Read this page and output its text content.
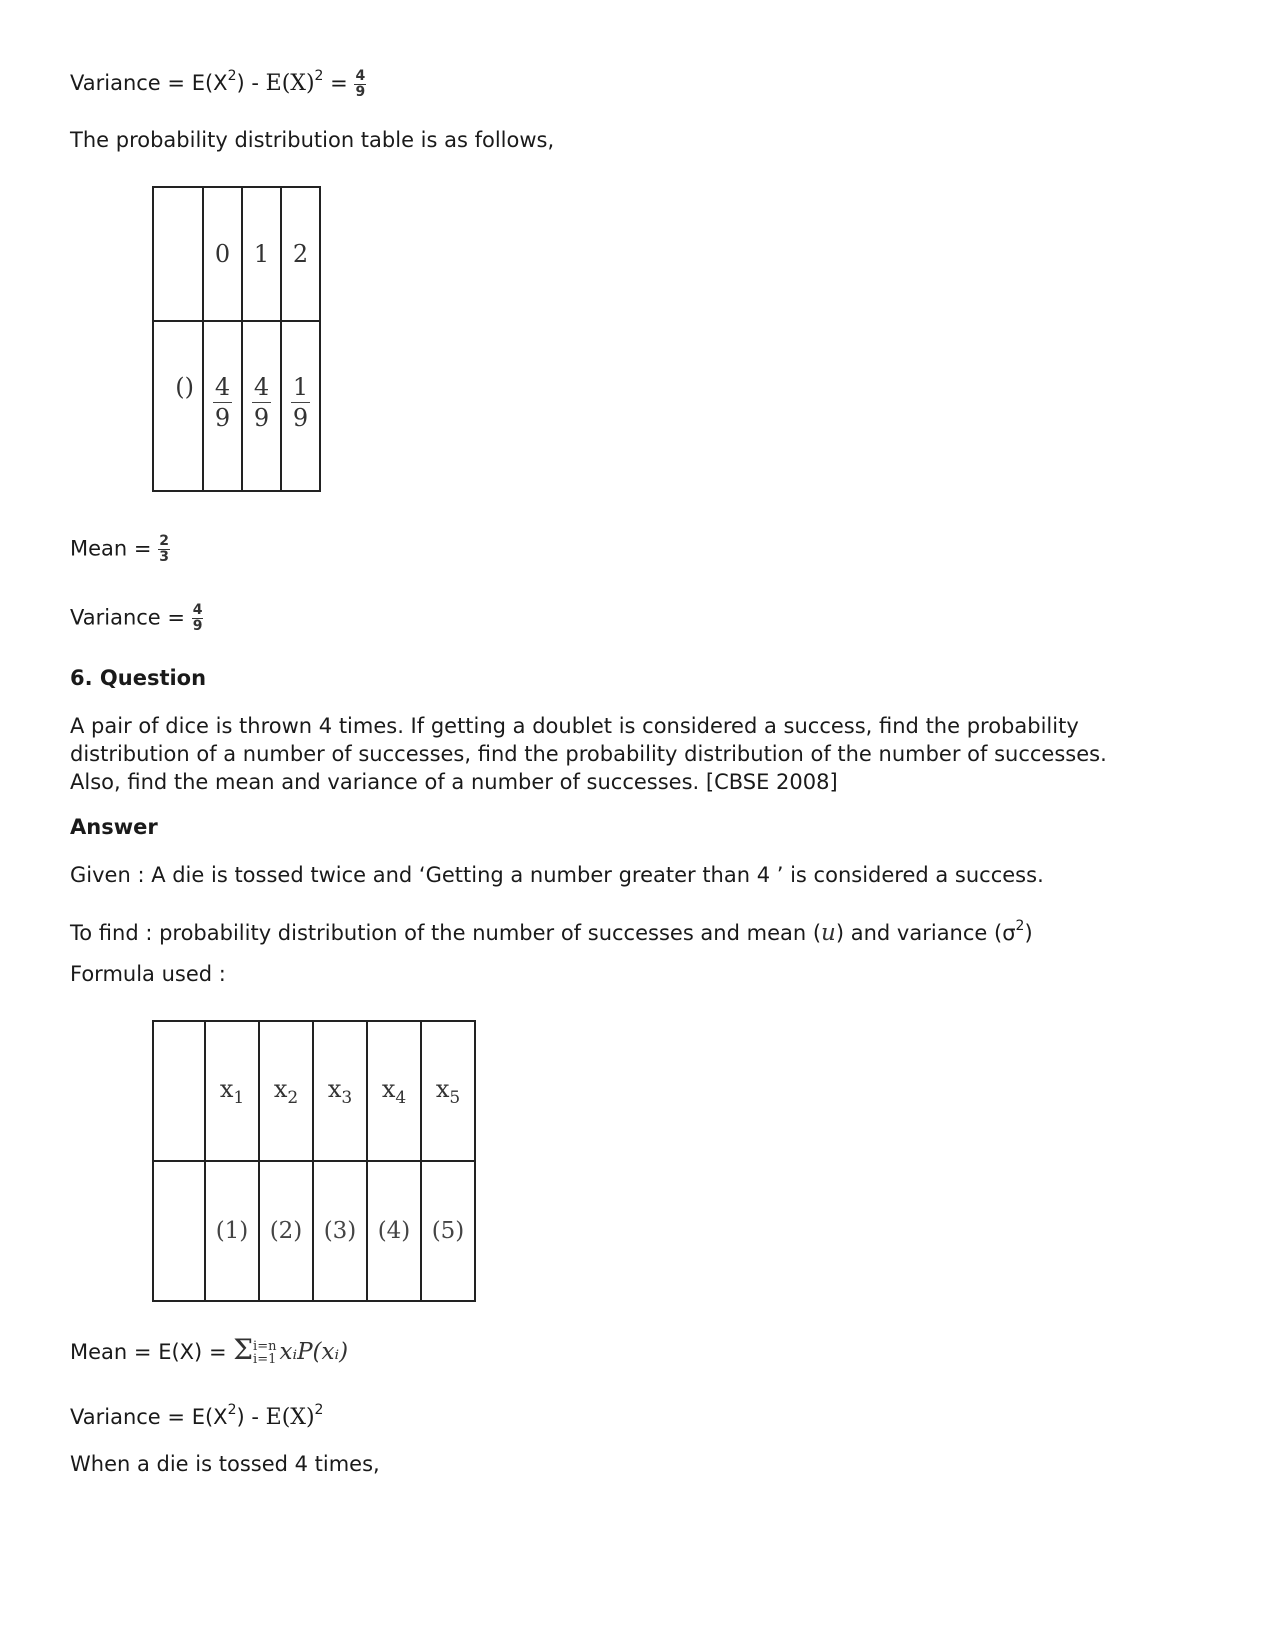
Variance = $E(X^2) - E(X)^2 = \frac{4}{9}$
The probability distribution table is as follows,
	0	1	2
()	$\frac{4}{9}$	$\frac{4}{9}$	$\frac{1}{9}$
Mean = $\frac{2}{3}$
Variance = $\frac{4}{9}$
6. Question
A pair of dice is thrown 4 times. If getting a doublet is considered a success, find the probability distribution of a number of successes, find the probability distribution of the number of successes. Also, find the mean and variance of a number of successes. [CBSE 2008]
Answer
Given : A die is tossed twice and ‘Getting a number greater than 4 ’ is considered a success.
To find : probability distribution of the number of successes and mean (u) and variance $(\sigma^2)$
Formula used :
	$x_1$	$x_2$	$x_3$	$x_4$	$x_5$
	(1)	(2)	(3)	(4)	(5)
Mean = E(X) = Σ i=n
i=1 xᵢP(xᵢ)
Variance = $E(X^2) - E(X)^2$
When a die is tossed 4 times,
